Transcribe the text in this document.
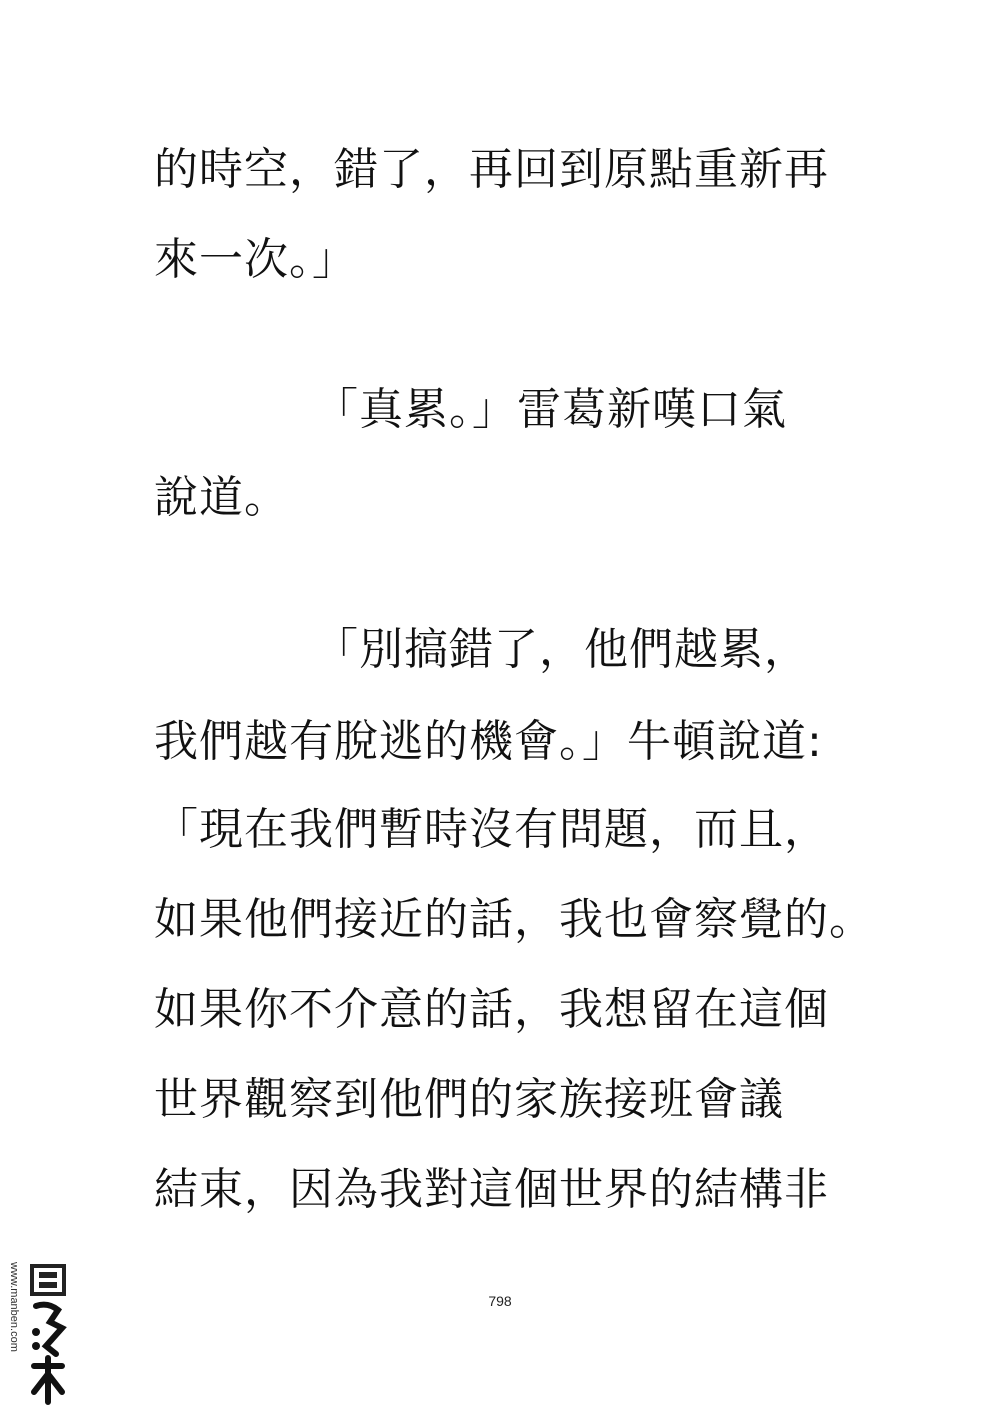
的時空，錯了，再回到原點重新再
來一次。」
「真累。」雷葛新嘆口氣
說道。
「別搞錯了，他們越累，
我們越有脫逃的機會。」牛頓說道:
「現在我們暫時沒有問題，而且，
如果他們接近的話，我也會察覺的。
如果你不介意的話，我想留在這個
世界觀察到他們的家族接班會議
結束，因為我對這個世界的結構非
798
www.manben.com
